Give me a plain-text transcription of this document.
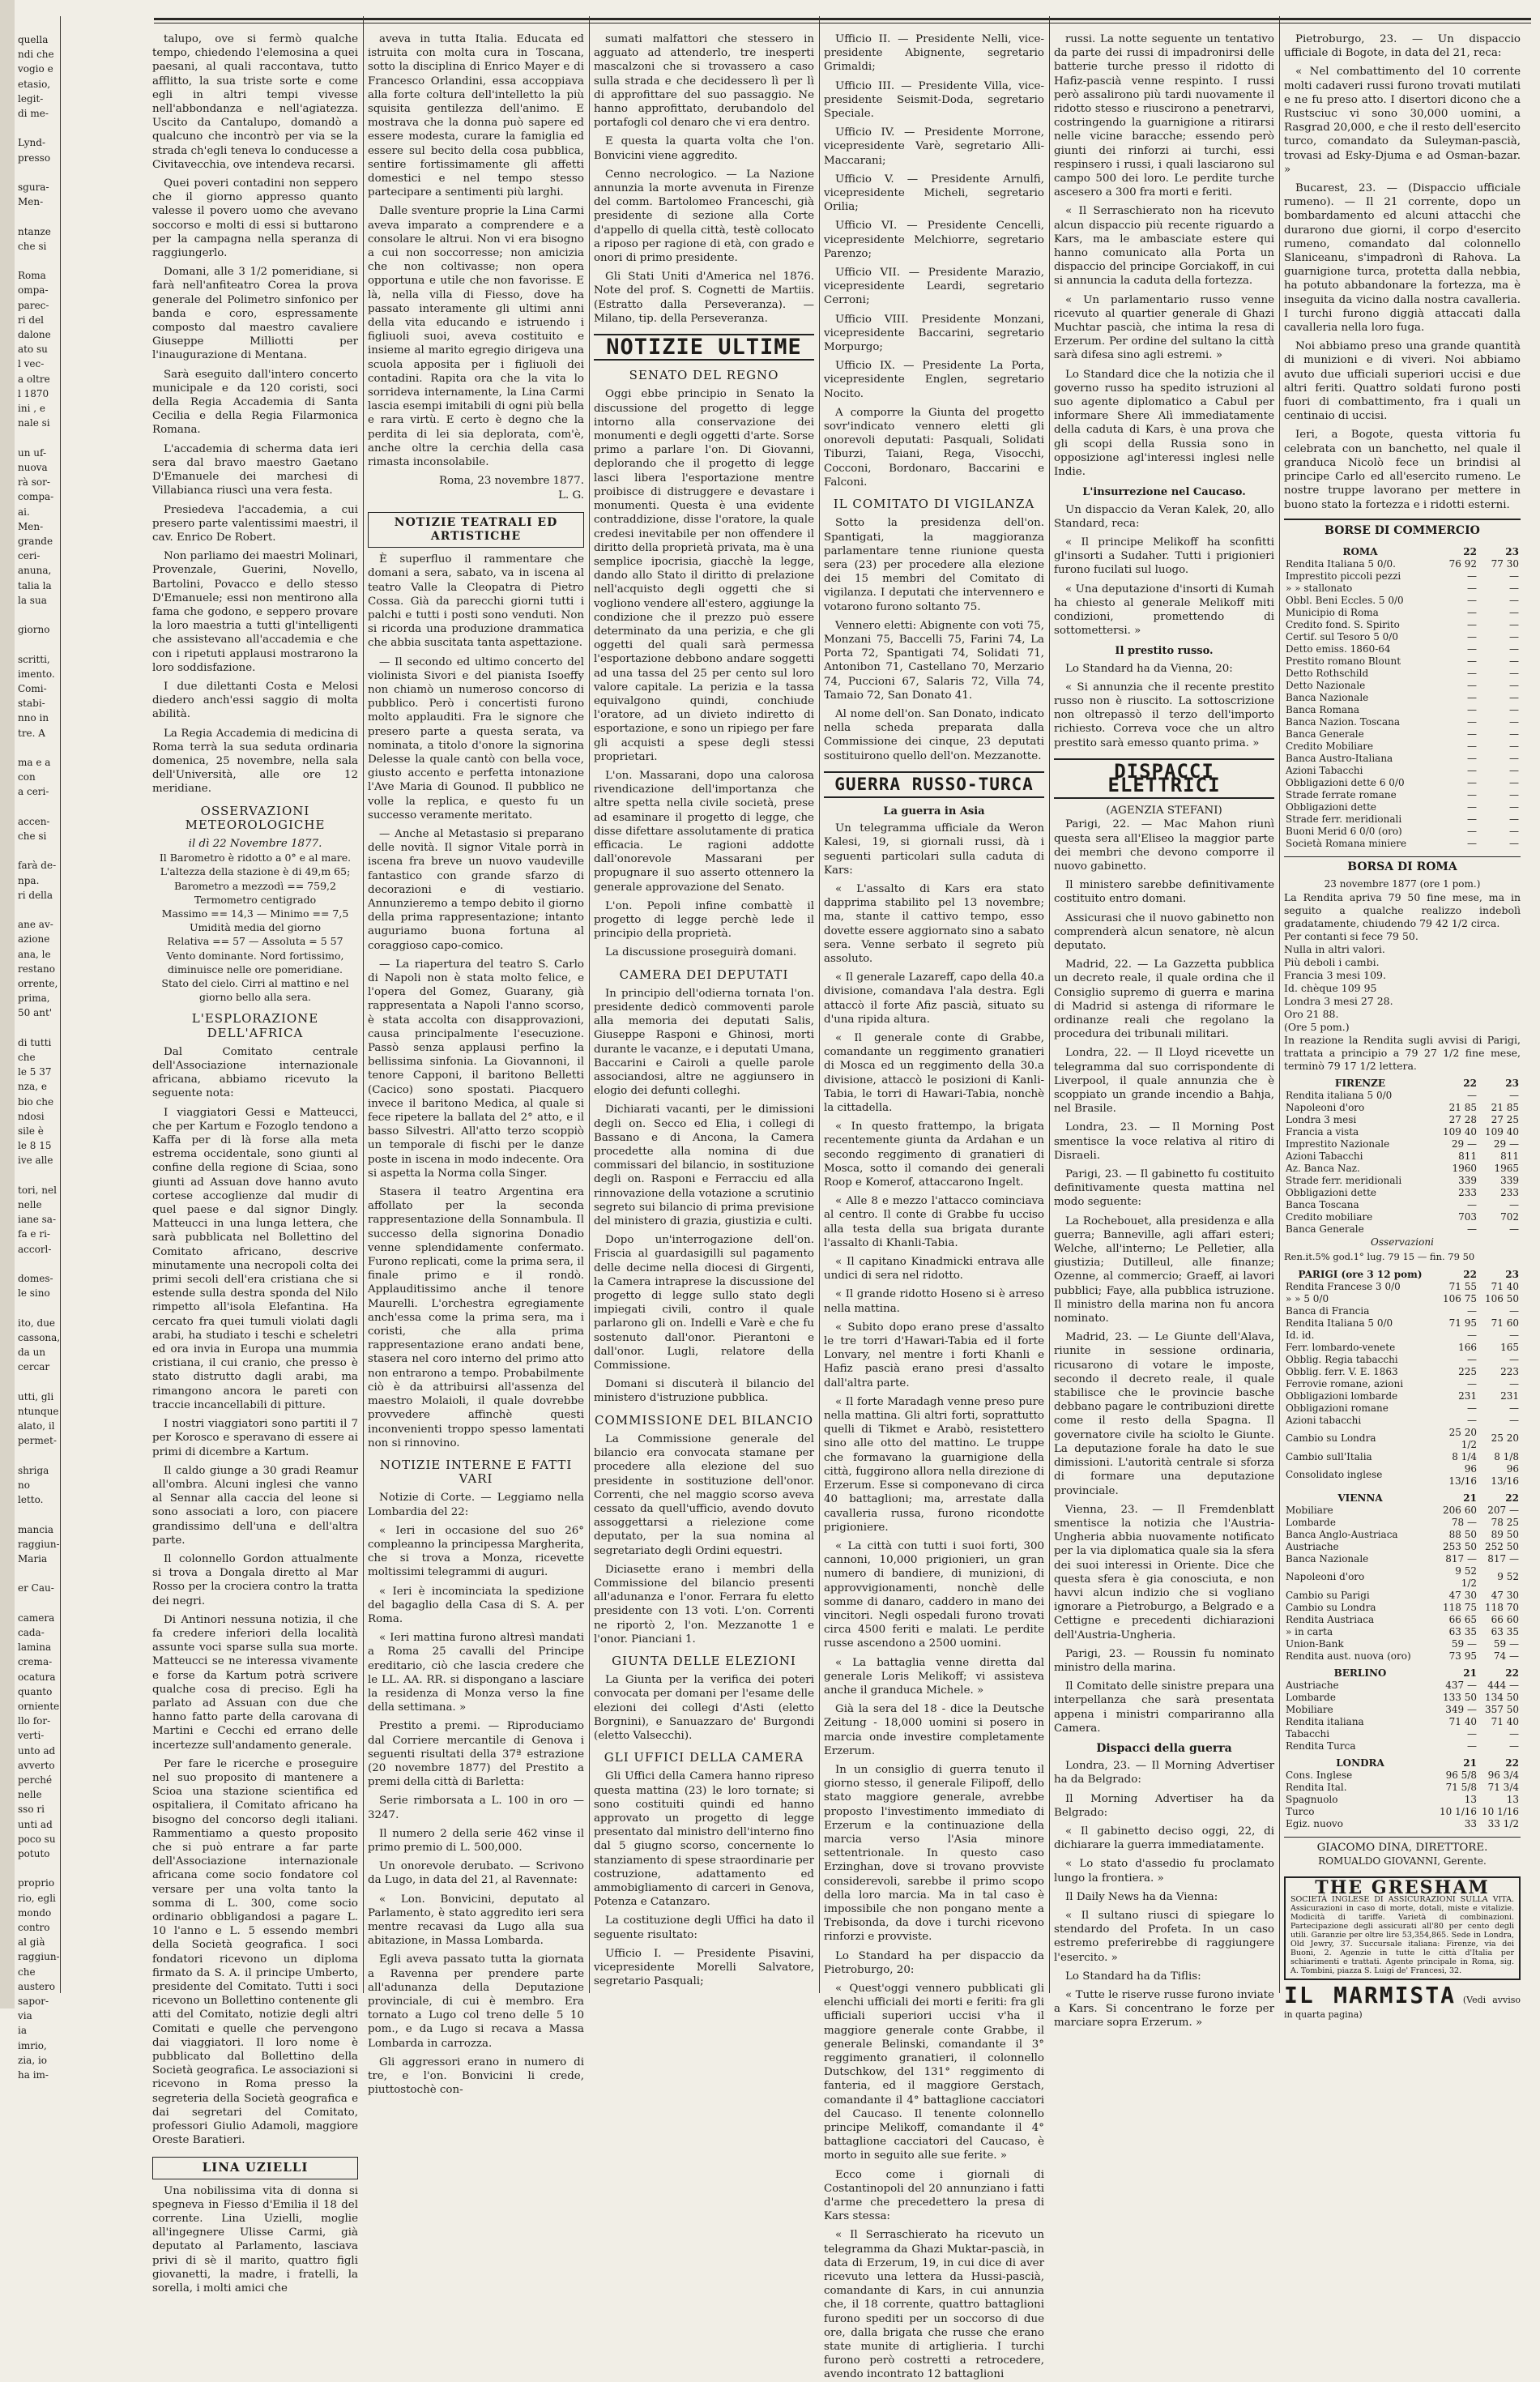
quella
ndi che
vogio e
etasio,
legit-
di me-

Lynd-
presso

sgura-
Men-

ntanze
che si

Roma
ompa-
parec-
ri del
dalone
ato su
l vec-
a oltre
l 1870
ini , e
nale si

un uf-
nuova
rà sor-
compa-
ai.
Men-
grande
ceri-
anuna,
talia la
la sua

giorno

scritti,
imento.
Comi-
stabi-
nno in
tre. A

ma e a
con
a ceri-

accen-
che si

farà de-
npa.
ri della

ane av-
azione
ana, le
restano
orrente,
prima,
50 ant'

di tutti
che
le 5 37
nza, e
bio che
ndosi
sile è
le 8 15
ive alle

tori, nel
nelle
iane sa-
fa e ri-
accorl-

domes-
le sino

ito, due
cassona,
da un
cercar

utti, gli
ntunque
alato, il
permet-

shriga
no letto.

mancia
raggiun-
Maria

er Cau-

camera
cada-
lamina
crema-
ocatura
quanto
orniente
llo for-
verti-
unto ad
avverto
perché
nelle
sso ri
unti ad
poco su
potuto

proprio
rio, egli
mondo
contro
al già
raggiun-
che
austero
sapor-
via
ia imrio,
zia, io
ha im-

talupo, ove si fermò qualche tempo, chiedendo l'elemosina a quei paesani, al quali raccontava, tutto afflitto, la sua triste sorte e come egli in altri tempi vivesse nell'abbondanza e nell'agiatezza. Uscito da Cantalupo, domandò a qualcuno che incontrò per via se la strada ch'egli teneva lo conducesse a Civitavecchia, ove intendeva recarsi.

Quei poveri contadini non seppero che il giorno appresso quanto valesse il povero uomo che avevano soccorso e molti di essi si buttarono per la campagna nella speranza di raggiungerlo.

Domani, alle 3 1/2 pomeridiane, si farà nell'anfiteatro Corea la prova generale del Polimetro sinfonico per banda e coro, espressamente composto dal maestro cavaliere Giuseppe Milliotti per l'inaugurazione di Mentana.

Sarà eseguito dall'intero concerto municipale e da 120 coristi, soci della Regia Accademia di Santa Cecilia e della Regia Filarmonica Romana.

L'accademia di scherma data ieri sera dal bravo maestro Gaetano D'Emanuele dei marchesi di Villabianca riuscì una vera festa.

Presiedeva l'accademia, a cui presero parte valentissimi maestri, il cav. Enrico De Robert.

Non parliamo dei maestri Molinari, Provenzale, Guerini, Novello, Bartolini, Povacco e dello stesso D'Emanuele; essi non mentirono alla fama che godono, e seppero provare la loro maestria a tutti gl'intelligenti che assistevano all'accademia e che con i ripetuti applausi mostrarono la loro soddisfazione.

I due dilettanti Costa e Melosi diedero anch'essi saggio di molta abilità.

La Regia Accademia di medicina di Roma terrà la sua seduta ordinaria domenica, 25 novembre, nella sala dell'Università, alle ore 12 meridiane.

OSSERVAZIONI METEOROLOGICHE
il dì 22 Novembre 1877.
Il Barometro è ridotto a 0° e al mare.
L'altezza della stazione è di 49,m 65;
Barometro a mezzodì == 759,2
Termometro centigrado
Massimo == 14,3 — Minimo == 7,5
Umidità media del giorno
Relativa == 57 — Assoluta = 5 57
Vento dominante. Nord fortissimo, diminuisce nelle ore pomeridiane.
Stato del cielo. Cirri al mattino e nel giorno bello alla sera.
L'ESPLORAZIONE DELL'AFRICA

Dal Comitato centrale dell'Associazione internazionale africana, abbiamo ricevuto la seguente nota:

I viaggiatori Gessi e Matteucci, che per Kartum e Fozoglo tendono a Kaffa per di là forse alla meta estrema occidentale, sono giunti al confine della regione di Sciaa, sono giunti ad Assuan dove hanno avuto cortese accoglienze dal mudir di quel paese e dal signor Dingly. Matteucci in una lunga lettera, che sarà pubblicata nel Bollettino del Comitato africano, descrive minutamente una necropoli colta dei primi secoli dell'era cristiana che si estende sulla destra sponda del Nilo rimpetto all'isola Elefantina. Ha cercato fra quei tumuli violati dagli arabi, ha studiato i teschi e scheletri ed ora invia in Europa una mummia cristiana, il cui cranio, che presso è stato distrutto dagli arabi, ma rimangono ancora le pareti con traccie incancellabili di pitture.

I nostri viaggiatori sono partiti il 7 per Korosco e speravano di essere ai primi di dicembre a Kartum.

Il caldo giunge a 30 gradi Reamur all'ombra. Alcuni inglesi che vanno al Sennar alla caccia del leone si sono associati a loro, con piacere grandissimo dell'una e dell'altra parte.

Il colonnello Gordon attualmente si trova a Dongala diretto al Mar Rosso per la crociera contro la tratta dei negri.

Di Antinori nessuna notizia, il che fa credere inferiori della località assunte voci sparse sulla sua morte. Matteucci se ne interessa vivamente e forse da Kartum potrà scrivere qualche cosa di preciso. Egli ha parlato ad Assuan con due che hanno fatto parte della carovana di Martini e Cecchi ed errano delle incertezze sull'andamento generale.

Per fare le ricerche e proseguire nel suo proposito di mantenere a Scioa una stazione scientifica ed ospitaliera, il Comitato africano ha bisogno del concorso degli italiani. Rammentiamo a questo proposito che si può entrare a far parte dell'Associazione internazionale africana come socio fondatore col versare per una volta tanto la somma di L. 300, come socio ordinario obbligandosi a pagare L. 10 l'anno e L. 5 essendo membri della Società geografica. I soci fondatori ricevono un diploma firmato da S. A. il principe Umberto, presidente del Comitato. Tutti i soci ricevono un Bollettino contenente gli atti del Comitato, notizie degli altri Comitati e quelle che pervengono dai viaggiatori. Il loro nome è pubblicato dal Bollettino della Società geografica. Le associazioni si ricevono in Roma presso la segreteria della Società geografica e dai segretari del Comitato, professori Giulio Adamoli, maggiore Oreste Baratieri.

LINA UZIELLI

Una nobilissima vita di donna si spegneva in Fiesso d'Emilia il 18 del corrente. Lina Uzielli, moglie all'ingegnere Ulisse Carmi, già deputato al Parlamento, lasciava privi di sè il marito, quattro figli giovanetti, la madre, i fratelli, la sorella, i molti amici che

aveva in tutta Italia. Educata ed istruita con molta cura in Toscana, sotto la disciplina di Enrico Mayer e di Francesco Orlandini, essa accoppiava alla forte coltura dell'intelletto la più squisita gentilezza dell'animo. E mostrava che la donna può sapere ed essere modesta, curare la famiglia ed essere sul becito della cosa pubblica, sentire fortissimamente gli affetti domestici e nel tempo stesso partecipare a sentimenti più larghi.

Dalle sventure proprie la Lina Carmi aveva imparato a comprendere e a consolare le altrui. Non vi era bisogno a cui non soccorresse; non amicizia che non coltivasse; non opera opportuna e utile che non favorisse. E là, nella villa di Fiesso, dove ha passato interamente gli ultimi anni della vita educando e istruendo i figliuoli suoi, aveva costituito e insieme al marito egregio dirigeva una scuola apposita per i figliuoli dei contadini. Rapita ora che la vita lo sorrideva internamente, la Lina Carmi lascia esempi imitabili di ogni più bella e rara virtù. E certo è degno che la perdita di lei sia deplorata, com'è, anche oltre la cerchia della casa rimasta inconsolabile.

Roma, 23 novembre 1877.
L. G.
NOTIZIE TEATRALI ED ARTISTICHE

È superfluo il rammentare che domani a sera, sabato, va in iscena al teatro Valle la Cleopatra di Pietro Cossa. Già da parecchi giorni tutti i palchi e tutti i posti sono venduti. Non si ricorda una produzione drammatica che abbia suscitata tanta aspettazione.

— Il secondo ed ultimo concerto del violinista Sivori e del pianista Isoeffy non chiamò un numeroso concorso di pubblico. Però i concertisti furono molto applauditi. Fra le signore che presero parte a questa serata, va nominata, a titolo d'onore la signorina Delesse la quale cantò con bella voce, giusto accento e perfetta intonazione l'Ave Maria di Gounod. Il pubblico ne volle la replica, e questo fu un successo veramente meritato.

— Anche al Metastasio si preparano delle novità. Il signor Vitale porrà in iscena fra breve un nuovo vaudeville fantastico con grande sfarzo di decorazioni e di vestiario. Annunzieremo a tempo debito il giorno della prima rappresentazione; intanto auguriamo buona fortuna al coraggioso capo-comico.

— La riapertura del teatro S. Carlo di Napoli non è stata molto felice, e l'opera del Gomez, Guarany, già rappresentata a Napoli l'anno scorso, è stata accolta con disapprovazioni, causa principalmente l'esecuzione. Passò senza applausi perfino la bellissima sinfonia. La Giovannoni, il tenore Capponi, il baritono Belletti (Cacico) sono spostati. Piacquero invece il baritono Medica, al quale si fece ripetere la ballata del 2° atto, e il basso Silvestri. All'atto terzo scoppiò un temporale di fischi per le danze poste in iscena in modo indecente. Ora si aspetta la Norma colla Singer.

Stasera il teatro Argentina era affollato per la seconda rappresentazione della Sonnambula. Il successo della signorina Donadio venne splendidamente confermato. Furono replicati, come la prima sera, il finale primo e il rondò. Applauditissimo anche il tenore Maurelli. L'orchestra egregiamente anch'essa come la prima sera, ma i coristi, che alla prima rappresentazione erano andati bene, stasera nel coro interno del primo atto non entrarono a tempo. Probabilmente ciò è da attribuirsi all'assenza del maestro Molaioli, il quale dovrebbe provvedere affinchè questi inconvenienti troppo spesso lamentati non si rinnovino.

NOTIZIE INTERNE E FATTI VARI

Notizie di Corte. — Leggiamo nella Lombardia del 22:

« Ieri in occasione del suo 26° compleanno la principessa Margherita, che si trova a Monza, ricevette moltissimi telegrammi di auguri.

« Ieri è incominciata la spedizione del bagaglio della Casa di S. A. per Roma.

« Ieri mattina furono altresì mandati a Roma 25 cavalli del Principe ereditario, ciò che lascia credere che le LL. AA. RR. si dispongano a lasciare la residenza di Monza verso la fine della settimana. »

Prestito a premi. — Riproduciamo dal Corriere mercantile di Genova i seguenti risultati della 37ª estrazione (20 novembre 1877) del Prestito a premi della città di Barletta:

Serie rimborsata a L. 100 in oro — 3247.

Il numero 2 della serie 462 vinse il primo premio di L. 500,000.

Un onorevole derubato. — Scrivono da Lugo, in data del 21, al Ravennate:

« Lon. Bonvicini, deputato al Parlamento, è stato aggredito ieri sera mentre recavasi da Lugo alla sua abitazione, in Massa Lombarda.

Egli aveva passato tutta la giornata a Ravenna per prendere parte all'adunanza della Deputazione provinciale, di cui è membro. Era tornato a Lugo col treno delle 5 10 pom., e da Lugo si recava a Massa Lombarda in carrozza.

Gli aggressori erano in numero di tre, e l'on. Bonvicini li crede, piuttostochè con-

sumati malfattori che stessero in agguato ad attenderlo, tre inesperti mascalzoni che si trovassero a caso sulla strada e che decidessero lì per lì di approfittare del suo passaggio. Ne hanno approfittato, derubandolo del portafogli col denaro che vi era dentro.

E questa la quarta volta che l'on. Bonvicini viene aggredito.

Cenno necrologico. — La Nazione annunzia la morte avvenuta in Firenze del comm. Bartolomeo Franceschi, già presidente di sezione alla Corte d'appello di quella città, testè collocato a riposo per ragione di età, con grado e onori di primo presidente.

Gli Stati Uniti d'America nel 1876. Note del prof. S. Cognetti de Martiis. (Estratto dalla Perseveranza). — Milano, tip. della Perseveranza.

NOTIZIE ULTIME
SENATO DEL REGNO

Oggi ebbe principio in Senato la discussione del progetto di legge intorno alla conservazione dei monumenti e degli oggetti d'arte. Sorse primo a parlare l'on. Di Giovanni, deplorando che il progetto di legge lasci libera l'esportazione mentre proibisce di distruggere e devastare i monumenti. Questa è una evidente contraddizione, disse l'oratore, la quale credesi inevitabile per non offendere il diritto della proprietà privata, ma è una semplice ipocrisia, giacchè la legge, dando allo Stato il diritto di prelazione nell'acquisto degli oggetti che si vogliono vendere all'estero, aggiunge la condizione che il prezzo può essere determinato da una perizia, e che gli oggetti del quali sarà permessa l'esportazione debbono andare soggetti ad una tassa del 25 per cento sul loro valore capitale. La perizia e la tassa equivalgono quindi, conchiude l'oratore, ad un divieto indiretto di esportazione, e sono un ripiego per fare gli acquisti a spese degli stessi proprietari.

L'on. Massarani, dopo una calorosa rivendicazione dell'importanza che altre spetta nella civile società, prese ad esaminare il progetto di legge, che disse difettare assolutamente di pratica efficacia. Le ragioni addotte dall'onorevole Massarani per propugnare il suo asserto ottennero la generale approvazione del Senato.

L'on. Pepoli infine combattè il progetto di legge perchè lede il principio della proprietà.

La discussione proseguirà domani.

CAMERA DEI DEPUTATI

In principio dell'odierna tornata l'on. presidente dedicò commoventi parole alla memoria dei deputati Salis, Giuseppe Rasponi e Ghinosi, morti durante le vacanze, e i deputati Umana, Baccarini e Cairoli a quelle parole associandosi, altre ne aggiunsero in elogio dei defunti colleghi.

Dichiarati vacanti, per le dimissioni degli on. Secco ed Elia, i collegi di Bassano e di Ancona, la Camera procedette alla nomina di due commissari del bilancio, in sostituzione degli on. Rasponi e Ferracciu ed alla rinnovazione della votazione a scrutinio segreto sui bilancio di prima previsione del ministero di grazia, giustizia e culti.

Dopo un'interrogazione dell'on. Friscia al guardasigilli sul pagamento delle decime nella diocesi di Girgenti, la Camera intraprese la discussione del progetto di legge sullo stato degli impiegati civili, contro il quale parlarono gli on. Indelli e Varè e che fu sostenuto dall'onor. Pierantoni e dall'onor. Lugli, relatore della Commissione.

Domani si discuterà il bilancio del ministero d'istruzione pubblica.

COMMISSIONE DEL BILANCIO

La Commissione generale del bilancio era convocata stamane per procedere alla elezione del suo presidente in sostituzione dell'onor. Correnti, che nel maggio scorso aveva cessato da quell'ufficio, avendo dovuto assoggettarsi a rielezione come deputato, per la sua nomina al segretariato degli Ordini equestri.

Diciasette erano i membri della Commissione del bilancio presenti all'adunanza e l'onor. Ferrara fu eletto presidente con 13 voti. L'on. Correnti ne riportò 2, l'on. Mezzanotte 1 e l'onor. Pianciani 1.

GIUNTA DELLE ELEZIONI

La Giunta per la verifica dei poteri convocata per domani per l'esame delle elezioni dei collegi d'Asti (eletto Borgnini), e Sanuazzaro de' Burgondi (eletto Valsecchi).

GLI UFFICI DELLA CAMERA

Gli Uffici della Camera hanno ripreso questa mattina (23) le loro tornate; si sono costituiti quindi ed hanno approvato un progetto di legge presentato dal ministro dell'interno fino dal 5 giugno scorso, concernente lo stanziamento di spese straordinarie per costruzione, adattamento ed ammobigliamento di carceri in Genova, Potenza e Catanzaro.

La costituzione degli Uffici ha dato il seguente risultato:

Ufficio I. — Presidente Pisavini, vicepresidente Morelli Salvatore, segretario Pasquali;

Ufficio II. — Presidente Nelli, vice-presidente Abignente, segretario Grimaldi;

Ufficio III. — Presidente Villa, vice-presidente Seismit-Doda, segretario Speciale.

Ufficio IV. — Presidente Morrone, vicepresidente Varè, segretario Alli-Maccarani;

Ufficio V. — Presidente Arnulfi, vicepresidente Micheli, segretario Orilia;

Ufficio VI. — Presidente Cencelli, vicepresidente Melchiorre, segretario Parenzo;

Ufficio VII. — Presidente Marazio, vicepresidente Leardi, segretario Cerroni;

Ufficio VIII. Presidente Monzani, vicepresidente Baccarini, segretario Morpurgo;

Ufficio IX. — Presidente La Porta, vicepresidente Englen, segretario Nocito.

A comporre la Giunta del progetto sovr'indicato vennero eletti gli onorevoli deputati: Pasquali, Solidati Tiburzi, Taiani, Rega, Visocchi, Cocconi, Bordonaro, Baccarini e Falconi.

IL COMITATO DI VIGILANZA

Sotto la presidenza dell'on. Spantigati, la maggioranza parlamentare tenne riunione questa sera (23) per procedere alla elezione dei 15 membri del Comitato di vigilanza. I deputati che intervennero e votarono furono soltanto 75.

Vennero eletti: Abignente con voti 75, Monzani 75, Baccelli 75, Farini 74, La Porta 72, Spantigati 74, Solidati 71, Antonibon 71, Castellano 70, Merzario 74, Puccioni 67, Salaris 72, Villa 74, Tamaio 72, San Donato 41.

Al nome dell'on. San Donato, indicato nella scheda preparata dalla Commissione dei cinque, 23 deputati sostituirono quello dell'on. Mezzanotte.

GUERRA RUSSO-TURCA
La guerra in Asia

Un telegramma ufficiale da Weron Kalesi, 19, si giornali russi, dà i seguenti particolari sulla caduta di Kars:

« L'assalto di Kars era stato dapprima stabilito pel 13 novembre; ma, stante il cattivo tempo, esso dovette essere aggiornato sino a sabato sera. Venne serbato il segreto più assoluto.

« Il generale Lazareff, capo della 40.a divisione, comandava l'ala destra. Egli attaccò il forte Afiz pascià, situato su d'una ripida altura.

« Il generale conte di Grabbe, comandante un reggimento granatieri di Mosca ed un reggimento della 30.a divisione, attaccò le posizioni di Kanli-Tabia, le torri di Hawari-Tabia, nonchè la cittadella.

« In questo frattempo, la brigata recentemente giunta da Ardahan e un secondo reggimento di granatieri di Mosca, sotto il comando dei generali Roop e Komerof, attaccarono Ingelt.

« Alle 8 e mezzo l'attacco cominciava al centro. Il conte di Grabbe fu ucciso alla testa della sua brigata durante l'assalto di Khanli-Tabia.

« Il capitano Kinadmicki entrava alle undici di sera nel ridotto.

« Il grande ridotto Hoseno si è arreso nella mattina.

« Subito dopo erano prese d'assalto le tre torri d'Hawari-Tabia ed il forte Lonvary, nel mentre i forti Khanli e Hafiz pascià erano presi d'assalto dall'altra parte.

« Il forte Maradagh venne preso pure nella mattina. Gli altri forti, soprattutto quelli di Tikmet e Arabò, resistettero sino alle otto del mattino. Le truppe che formavano la guarnigione della città, fuggirono allora nella direzione di Erzerum. Esse si componevano di circa 40 battaglioni; ma, arrestate dalla cavalleria russa, furono ricondotte prigioniere.

« La città con tutti i suoi forti, 300 cannoni, 10,000 prigionieri, un gran numero di bandiere, di munizioni, di approvvigionamenti, nonchè delle somme di danaro, caddero in mano dei vincitori. Negli ospedali furono trovati circa 4500 feriti e malati. Le perdite russe ascendono a 2500 uomini.

« La battaglia venne diretta dal generale Loris Melikoff; vi assisteva anche il granduca Michele. »

Già la sera del 18 - dice la Deutsche Zeitung - 18,000 uomini si posero in marcia onde investire completamente Erzerum.

In un consiglio di guerra tenuto il giorno stesso, il generale Filipoff, dello stato maggiore generale, avrebbe proposto l'investimento immediato di Erzerum e la continuazione della marcia verso l'Asia minore settentrionale. In questo caso Erzinghan, dove si trovano provviste considerevoli, sarebbe il primo scopo della loro marcia. Ma in tal caso è impossibile che non pongano mente a Trebisonda, da dove i turchi ricevono rinforzi e provviste.

Lo Standard ha per dispaccio da Pietroburgo, 20:

« Quest'oggi vennero pubblicati gli elenchi ufficiali dei morti e feriti: fra gli ufficiali superiori uccisi v'ha il maggiore generale conte Grabbe, il generale Belinski, comandante il 3° reggimento granatieri, il colonnello Dutschkow, del 131° reggimento di fanteria, ed il maggiore Gerstach, comandante il 4° battaglione cacciatori del Caucaso. Il tenente colonnello principe Melikoff, comandante il 4° battaglione cacciatori del Caucaso, è morto in seguito alle sue ferite. »

Ecco come i giornali di Costantinopoli del 20 annunziano i fatti d'arme che precedettero la presa di Kars stessa:

« Il Serraschierato ha ricevuto un telegramma da Ghazi Muktar-pascià, in data di Erzerum, 19, in cui dice di aver ricevuto una lettera da Hussi-pascià, comandante di Kars, in cui annunzia che, il 18 corrente, quattro battaglioni furono spediti per un soccorso di due ore, dalla brigata che russe che erano state munite di artiglieria. I turchi furono però costretti a retrocedere, avendo incontrato 12 battaglioni

russi. La notte seguente un tentativo da parte dei russi di impadronirsi delle batterie turche presso il ridotto di Hafiz-pascià venne respinto. I russi però assalirono più tardi nuovamente il ridotto stesso e riuscirono a penetrarvi, costringendo la guarnigione a ritirarsi nelle vicine baracche; essendo però giunti dei rinforzi ai turchi, essi respinsero i russi, i quali lasciarono sul campo 500 dei loro. Le perdite turche ascesero a 300 fra morti e feriti.

« Il Serraschierato non ha ricevuto alcun dispaccio più recente riguardo a Kars, ma le ambasciate estere qui hanno comunicato alla Porta un dispaccio del principe Gorciakoff, in cui si annuncia la caduta della fortezza.

« Un parlamentario russo venne ricevuto al quartier generale di Ghazi Muchtar pascià, che intima la resa di Erzerum. Per ordine del sultano la città sarà difesa sino agli estremi. »

Lo Standard dice che la notizia che il governo russo ha spedito istruzioni al suo agente diplomatico a Cabul per informare Shere Alì immediatamente della caduta di Kars, è una prova che gli scopi della Russia sono in opposizione agl'interessi inglesi nelle Indie.

L'insurrezione nel Caucaso.

Un dispaccio da Veran Kalek, 20, allo Standard, reca:

« Il principe Melikoff ha sconfitti gl'insorti a Sudaher. Tutti i prigionieri furono fucilati sul luogo.

« Una deputazione d'insorti di Kumah ha chiesto al generale Melikoff miti condizioni, promettendo di sottomettersi. »

Il prestito russo.

Lo Standard ha da Vienna, 20:

« Si annunzia che il recente prestito russo non è riuscito. La sottoscrizione non oltrepassò il terzo dell'importo richiesto. Correva voce che un altro prestito sarà emesso quanto prima. »

DISPACCI ELETTRICI
(AGENZIA STEFANI)

Parigi, 22. — Mac Mahon riunì questa sera all'Eliseo la maggior parte dei membri che devono comporre il nuovo gabinetto.

Il ministero sarebbe definitivamente costituito entro domani.

Assicurasi che il nuovo gabinetto non comprenderà alcun senatore, nè alcun deputato.

Madrid, 22. — La Gazzetta pubblica un decreto reale, il quale ordina che il Consiglio supremo di guerra e marina di Madrid si astenga di riformare le ordinanze reali che regolano la procedura dei tribunali militari.

Londra, 22. — Il Lloyd ricevette un telegramma dal suo corrispondente di Liverpool, il quale annunzia che è scoppiato un grande incendio a Bahja, nel Brasile.

Londra, 23. — Il Morning Post smentisce la voce relativa al ritiro di Disraeli.

Parigi, 23. — Il gabinetto fu costituito definitivamente questa mattina nel modo seguente:

La Rochebouet, alla presidenza e alla guerra; Banneville, agli affari esteri; Welche, all'interno; Le Pelletier, alla giustizia; Dutilleul, alle finanze; Ozenne, al commercio; Graeff, ai lavori pubblici; Faye, alla pubblica istruzione. Il ministro della marina non fu ancora nominato.

Madrid, 23. — Le Giunte dell'Alava, riunite in sessione ordinaria, ricusarono di votare le imposte, secondo il decreto reale, il quale stabilisce che le provincie basche debbano pagare le contribuzioni dirette come il resto della Spagna. Il governatore civile ha sciolto le Giunte. La deputazione forale ha dato le sue dimissioni. L'autorità centrale si sforza di formare una deputazione provinciale.

Vienna, 23. — Il Fremdenblatt smentisce la notizia che l'Austria-Ungheria abbia nuovamente notificato per la via diplomatica quale sia la sfera dei suoi interessi in Oriente. Dice che questa sfera è gia conosciuta, e non havvi alcun indizio che si vogliano ignorare a Pietroburgo, a Belgrado e a Cettigne e precedenti dichiarazioni dell'Austria-Ungheria.

Parigi, 23. — Roussin fu nominato ministro della marina.

Il Comitato delle sinistre prepara una interpellanza che sarà presentata appena i ministri compariranno alla Camera.

Dispacci della guerra

Londra, 23. — Il Morning Advertiser ha da Belgrado:

Il Morning Advertiser ha da Belgrado:

« Il gabinetto deciso oggi, 22, di dichiarare la guerra immediatamente.

« Lo stato d'assedio fu proclamato lungo la frontiera. »

Il Daily News ha da Vienna:

« Il sultano riusci di spiegare lo stendardo del Profeta. In un caso estremo preferirebbe di raggiungere l'esercito. »

Lo Standard ha da Tiflis:

« Tutte le riserve russe furono inviate a Kars. Si concentrano le forze per marciare sopra Erzerum. »

Pietroburgo, 23. — Un dispaccio ufficiale di Bogote, in data del 21, reca:

« Nel combattimento del 10 corrente molti cadaveri russi furono trovati mutilati e ne fu preso atto. I disertori dicono che a Rustsciuc vi sono 30,000 uomini, a Rasgrad 20,000, e che il resto dell'esercito turco, comandato da Suleyman-pascià, trovasi ad Esky-Djuma e ad Osman-bazar. »

Bucarest, 23. — (Dispaccio ufficiale rumeno). — Il 21 corrente, dopo un bombardamento ed alcuni attacchi che durarono due giorni, il corpo d'esercito rumeno, comandato dal colonnello Slaniceanu, s'impadronì di Rahova. La guarnigione turca, protetta dalla nebbia, ha potuto abbandonare la fortezza, ma è inseguita da vicino dalla nostra cavalleria. I turchi furono diggià attaccati dalla cavalleria nella loro fuga.

Noi abbiamo preso una grande quantità di munizioni e di viveri. Noi abbiamo avuto due ufficiali superiori uccisi e due altri feriti. Quattro soldati furono posti fuori di combattimento, fra i quali un centinaio di uccisi.

Ieri, a Bogote, questa vittoria fu celebrata con un banchetto, nel quale il granduca Nicolò fece un brindisi al principe Carlo ed all'esercito rumeno. Le nostre truppe lavorano per mettere in buono stato la fortezza e i ridotti esterni.

BORSE DI COMMERCIO
ROMA	22	23
Rendita Italiana 5 0/0.	76 92	77 30
Imprestito piccoli pezzi	—	—
» » stallonato	—	—
Obbl. Beni Eccles. 5 0/0	—	—
Municipio di Roma	—	—
Credito fond. S. Spirito	—	—
Certif. sul Tesoro 5 0/0	—	—
Detto emiss. 1860-64	—	—
Prestito romano Blount	—	—
Detto Rothschild	—	—
Detto Nazionale	—	—
Banca Nazionale	—	—
Banca Romana	—	—
Banca Nazion. Toscana	—	—
Banca Generale	—	—
Credito Mobiliare	—	—
Banca Austro-Italiana	—	—
Azioni Tabacchi	—	—
Obbligazioni dette 6 0/0	—	—
Strade ferrate romane	—	—
Obbligazioni dette	—	—
Strade ferr. meridionali	—	—
Buoni Merid 6 0/0 (oro)	—	—
Società Romana miniere	—	—
BORSA DI ROMA
23 novembre 1877 (ore 1 pom.)
La Rendita apriva 79 50 fine mese, ma in seguito a qualche realizzo indebolì gradatamente, chiudendo 79 42 1/2 circa.
Per contanti si fece 79 50.
Nulla in altri valori.
Più deboli i cambi.
Francia 3 mesi 109.
Id. chèque 109 95
Londra 3 mesi 27 28.
Oro 21 88.
(Ore 5 pom.)
In reazione la Rendita sugli avvisi di Parigi, trattata a principio a 79 27 1/2 fine mese, terminò 79 17 1/2 lettera.
FIRENZE	22	23
Rendita italiana 5 0/0	—	—
Napoleoni d'oro	21 85	21 85
Londra 3 mesi	27 28	27 25
Francia a vista	109 40	109 40
Imprestito Nazionale	29 —	29 —
Azioni Tabacchi	811	811
Az. Banca Naz.	1960	1965
Strade ferr. meridionali	339	339
Obbligazioni dette	233	233
Banca Toscana	—	—
Credito mobiliare	703	702
Banca Generale	—	—
Osservazioni
Ren.it.5% god.1° lug. 79 15 — fin. 79 50
PARIGI (ore 3 12 pom)	22	23
Rendita Francese 3 0/0	71 55	71 40
» » 5 0/0	106 75	106 50
Banca di Francia	—	—
Rendita Italiana 5 0/0	71 95	71 60
Id. id.	—	—
Ferr. lombardo-venete	166	165
Obblig. Regia tabacchi	—	—
Obblig. ferr. V. E. 1863	225	223
Ferrovie romane, azioni	—	—
Obbligazioni lombarde	231	231
Obbligazioni romane	—	—
Azioni tabacchi	—	—
Cambio su Londra	25 20 1/2	25 20
Cambio sull'Italia	8 1/4	8 1/8
Consolidato inglese	96 13/16	96 13/16
VIENNA	21	22
Mobiliare	206 60	207 —
Lombarde	78 —	78 25
Banca Anglo-Austriaca	88 50	89 50
Austriache	253 50	252 50
Banca Nazionale	817 —	817 —
Napoleoni d'oro	9 52 1/2	9 52
Cambio su Parigi	47 30	47 30
Cambio su Londra	118 75	118 70
Rendita Austriaca	66 65	66 60
» in carta	63 35	63 35
Union-Bank	59 —	59 —
Rendita aust. nuova (oro)	73 95	74 —
BERLINO	21	22
Austriache	437 —	444 —
Lombarde	133 50	134 50
Mobiliare	349 —	357 50
Rendita italiana	71 40	71 40
Tabacchi	—	—
Rendita Turca	—	—
LONDRA	21	22
Cons. Inglese	96 5/8	96 3/4
Rendita Ital.	71 5/8	71 3/4
Spagnuolo	13	13
Turco	10 1/16	10 1/16
Egiz. nuovo	33	33 1/2
GIACOMO DINA, DIRETTORE.
ROMUALDO GIOVANNI, Gerente.
THE GRESHAM
SOCIETÀ INGLESE DI ASSICURAZIONI SULLA VITA. Assicurazioni in caso di morte, dotali, miste e vitalizie. Modicità di tariffe. Varietà di combinazioni. Partecipazione degli assicurati all'80 per cento degli utili. Garanzie per oltre lire 53,354,865. Sede in Londra, Old Jewry, 37. Succursale italiana: Firenze, via dei Buoni, 2. Agenzie in tutte le città d'Italia per schiarimenti e trattati. Agente principale in Roma, sig. A. Tombini, piazza S. Luigi de' Francesi, 32.
IL MARMISTA (Vedi avviso in quarta pagina)
